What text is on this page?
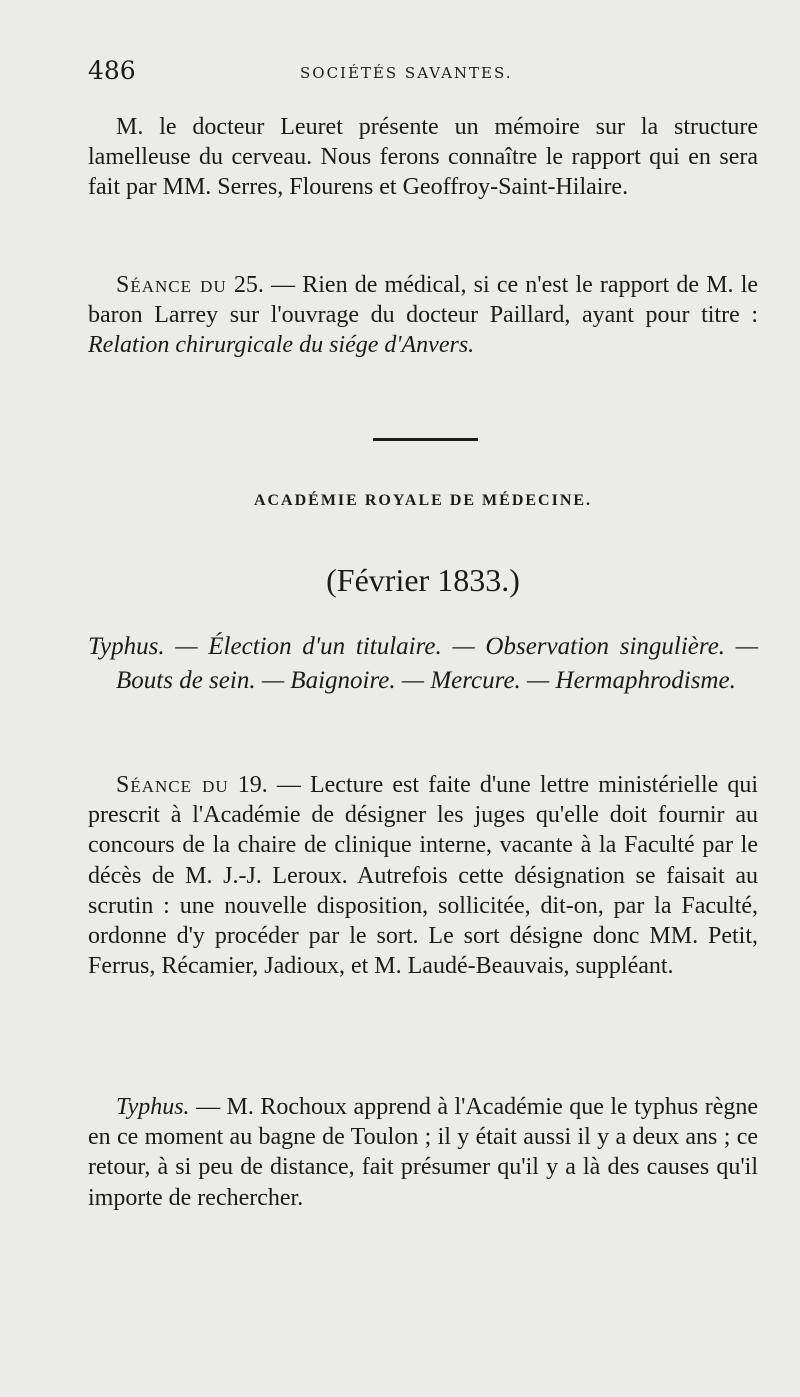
486	SOCIÉTÉS SAVANTES.

M. le docteur Leuret présente un mémoire sur la structure lamelleuse du cerveau. Nous ferons connaître le rapport qui en sera fait par MM. Serres, Flourens et Geoffroy-Saint-Hilaire.

Séance du 25. — Rien de médical, si ce n'est le rapport de M. le baron Larrey sur l'ouvrage du docteur Paillard, ayant pour titre : Relation chirurgicale du siége d'Anvers.

ACADÉMIE ROYALE DE MÉDECINE.
(Février 1833.)

Typhus. — Élection d'un titulaire. — Observation singulière. — Bouts de sein. — Baignoire. — Mercure. — Hermaphrodisme.

Séance du 19. — Lecture est faite d'une lettre ministérielle qui prescrit à l'Académie de désigner les juges qu'elle doit fournir au concours de la chaire de clinique interne, vacante à la Faculté par le décès de M. J.-J. Leroux. Autrefois cette désignation se faisait au scrutin : une nouvelle disposition, sollicitée, dit-on, par la Faculté, ordonne d'y procéder par le sort. Le sort désigne donc MM. Petit, Ferrus, Récamier, Jadioux, et M. Laudé-Beauvais, suppléant.

Typhus. — M. Rochoux apprend à l'Académie que le typhus règne en ce moment au bagne de Toulon ; il y était aussi il y a deux ans ; ce retour, à si peu de distance, fait présumer qu'il y a là des causes qu'il importe de rechercher.
